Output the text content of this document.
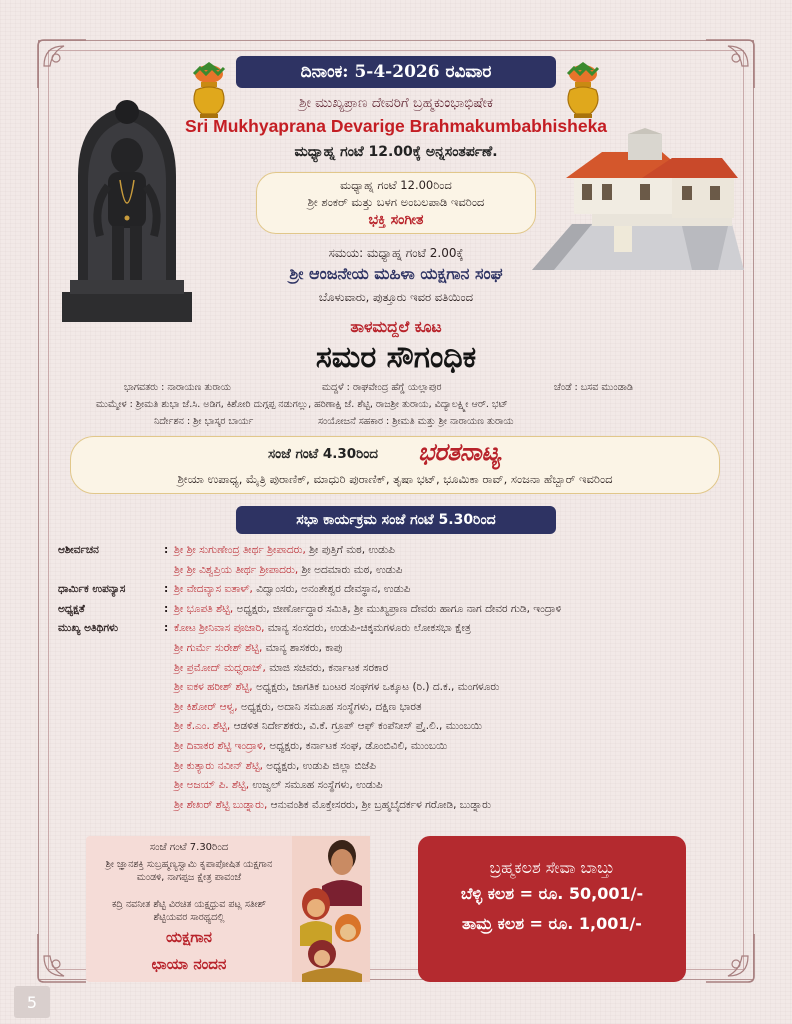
ದಿನಾಂಕ: 5-4-2026 ರವಿವಾರ
ಶ್ರೀ ಮುಖ್ಯಪ್ರಾಣ ದೇವರಿಗೆ ಬ್ರಹ್ಮಕುಂಭಾಭಿಷೇಕ
Sri Mukhyaprana Devarige Brahmakumbabhisheka
ಮಧ್ಯಾಹ್ನ ಗಂಟೆ 12.00ಕ್ಕೆ ಅನ್ನಸಂತರ್ಪಣೆ.
ಮಧ್ಯಾಹ್ನ ಗಂಟೆ 12.00ರಿಂದ
ಶ್ರೀ ಶಂಕರ್ ಮತ್ತು ಬಳಗ ಅಂಬಲಪಾಡಿ ಇವರಿಂದ
ಭಕ್ತಿ ಸಂಗೀತ
ಸಮಯ: ಮಧ್ಯಾಹ್ನ ಗಂಟೆ 2.00ಕ್ಕೆ
ಶ್ರೀ ಆಂಜನೇಯ ಮಹಿಳಾ ಯಕ್ಷಗಾನ ಸಂಘ
ಬೊಳುವಾರು, ಪುತ್ತೂರು ಇವರ ವತಿಯಿಂದ
ತಾಳಮದ್ದಲೆ ಕೂಟ
ಸಮರ ಸೌಗಂಧಿಕ
ಭಾಗವತರು : ನಾರಾಯಣ ತುರಾಯ	ಮದ್ದಳೆ : ರಾಘವೇಂದ್ರ ಹೆಗ್ಡೆ ಯಲ್ಲಾಪುರ	ಚೆಂಡೆ : ಬಸವ ಮುಂಡಾಡಿ
ಮುಮ್ಮೇಳ : ಶ್ರೀಮತಿ ಶುಭಾ ಜೆ.ಸಿ. ಅಡಿಗ, ಕಿಶೋರಿ ದುಗ್ಗಪ್ಪ ನಡುಗಲ್ಲು, ಹರಿಣಾಕ್ಷಿ ಜೆ. ಶೆಟ್ಟಿ, ರಾಜಶ್ರೀ ತುರಾಯ, ವಿದ್ಯಾಲಕ್ಷ್ಮೀ ಆರ್. ಭಟ್
ನಿರ್ದೇಶನ : ಶ್ರೀ ಭಾಸ್ಕರ ಬಾರ್ಯ	ಸಂಯೋಜನೆ ಸಹಕಾರ : ಶ್ರೀಮತಿ ಮತ್ತು ಶ್ರೀ ನಾರಾಯಣ ತುರಾಯ
ಸಂಜೆ ಗಂಟೆ 4.30ರಿಂದ ಭರತನಾಟ್ಯ
ಶ್ರೀಯಾ ಉಪಾಧ್ಯ, ಮೈತ್ರಿ ಪುರಾಣಿಕ್, ಮಾಧುರಿ ಪುರಾಣಿಕ್, ತೃಷಾ ಭಟ್, ಭೂಮಿಕಾ ರಾವ್, ಸಂಜನಾ ಹೆಬ್ಬಾರ್ ಇವರಿಂದ
ಸಭಾ ಕಾರ್ಯಕ್ರಮ ಸಂಜೆ ಗಂಟೆ 5.30ರಿಂದ
ಆಶೀರ್ವಚನ	: ಶ್ರೀ ಶ್ರೀ ಸುಗುಣೇಂದ್ರ ತೀರ್ಥ ಶ್ರೀಪಾದರು, ಶ್ರೀ ಪುತ್ತಿಗೆ ಮಠ, ಉಡುಪಿ
ಶ್ರೀ ಶ್ರೀ ವಿಶ್ವಪ್ರಿಯ ತೀರ್ಥ ಶ್ರೀಪಾದರು, ಶ್ರೀ ಅದಮಾರು ಮಠ, ಉಡುಪಿ
ಧಾರ್ಮಿಕ ಉಪನ್ಯಾಸ	: ಶ್ರೀ ವೇದವ್ಯಾಸ ಐತಾಳ್, ವಿದ್ವಾಂಸರು, ಅನಂತೇಶ್ವರ ದೇವಸ್ಥಾನ, ಉಡುಪಿ
ಅಧ್ಯಕ್ಷತೆ	: ಶ್ರೀ ಭೂಪತಿ ಶೆಟ್ಟಿ, ಅಧ್ಯಕ್ಷರು, ಜೀರ್ಣೋದ್ಧಾರ ಸಮಿತಿ, ಶ್ರೀ ಮುಖ್ಯಪ್ರಾಣ ದೇವರು ಹಾಗೂ ನಾಗ ದೇವರ ಗುಡಿ, ಇಂದ್ರಾಳಿ
ಮುಖ್ಯ ಅತಿಥಿಗಳು	: ಕೋಟ ಶ್ರೀನಿವಾಸ ಪೂಜಾರಿ, ಮಾನ್ಯ ಸಂಸದರು, ಉಡುಪಿ-ಚಿಕ್ಕಮಗಳೂರು ಲೋಕಸಭಾ ಕ್ಷೇತ್ರ
ಶ್ರೀ ಗುರ್ಮೆ ಸುರೇಶ್ ಶೆಟ್ಟಿ, ಮಾನ್ಯ ಶಾಸಕರು, ಕಾಪು
ಶ್ರೀ ಪ್ರಮೋದ್ ಮಧ್ವರಾಜ್, ಮಾಜಿ ಸಚಿವರು, ಕರ್ನಾಟಕ ಸರಕಾರ
ಶ್ರೀ ಐಕಳ ಹರೀಶ್ ಶೆಟ್ಟಿ, ಅಧ್ಯಕ್ಷರು, ಜಾಗತಿಕ ಬಂಟರ ಸಂಘಗಳ ಒಕ್ಕೂಟ (ರಿ.) ದ.ಕ., ಮಂಗಳೂರು
ಶ್ರೀ ಕಿಶೋರ್ ಆಳ್ವ, ಅಧ್ಯಕ್ಷರು, ಅದಾನಿ ಸಮೂಹ ಸಂಸ್ಥೆಗಳು, ದಕ್ಷಿಣ ಭಾರತ
ಶ್ರೀ ಕೆ.ಎಂ. ಶೆಟ್ಟಿ, ಆಡಳಿತ ನಿರ್ದೇಶಕರು, ವಿ.ಕೆ. ಗ್ರೂಪ್ ಆಫ್ ಕಂಪೆನೀಸ್ ಪ್ರೈ.ಲಿ., ಮುಂಬಯಿ
ಶ್ರೀ ದಿವಾಕರ ಶೆಟ್ಟಿ ಇಂದ್ರಾಳಿ, ಅಧ್ಯಕ್ಷರು, ಕರ್ನಾಟಕ ಸಂಘ, ಡೊಂಬಿವಿಲಿ, ಮುಂಬಯಿ
ಶ್ರೀ ಕುತ್ಯಾರು ನವೀನ್ ಶೆಟ್ಟಿ, ಅಧ್ಯಕ್ಷರು, ಉಡುಪಿ ಜಿಲ್ಲಾ ಬಿಜೆಪಿ
ಶ್ರೀ ಅಜಯ್ ಪಿ. ಶೆಟ್ಟಿ, ಉಜ್ವಲ್ ಸಮೂಹ ಸಂಸ್ಥೆಗಳು, ಉಡುಪಿ
ಶ್ರೀ ಶೇಖರ್ ಶೆಟ್ಟಿ ಬುಡ್ನಾರು, ಆನುವಂಶಿಕ ಮೊಕ್ತೇಸರರು, ಶ್ರೀ ಬ್ರಹ್ಮಬೈದರ್ಕಳ ಗರೋಡಿ, ಬುಡ್ನಾರು
ಸಂಜೆ ಗಂಟೆ 7.30ರಿಂದ
ಶ್ರೀ ಜ್ಞಾನಶಕ್ತಿ ಸುಬ್ರಹ್ಮಣ್ಯಸ್ವಾಮಿ ಕೃಪಾಪೋಷಿತ ಯಕ್ಷಗಾನ ಮಂಡಳಿ, ನಾಗಪ್ಪಜ ಕ್ಷೇತ್ರ ಪಾವಂಜೆ
ಕದ್ರಿ ನವನೀತ ಶೆಟ್ಟಿ ವಿರಚಿತ ಯಕ್ಷಧ್ರುವ ಪಟ್ಲ ಸತೀಶ್ ಶೆಟ್ಟಿಯವರ ಸಾರಥ್ಯದಲ್ಲಿ
ಯಕ್ಷಗಾನ
ಛಾಯಾ ನಂದನ
ಬ್ರಹ್ಮಕಲಶ ಸೇವಾ ಬಾಬ್ತು
ಬೆಳ್ಳಿ ಕಲಶ = ರೂ. 50,001/-
ತಾಮ್ರ ಕಲಶ = ರೂ. 1,001/-
5
